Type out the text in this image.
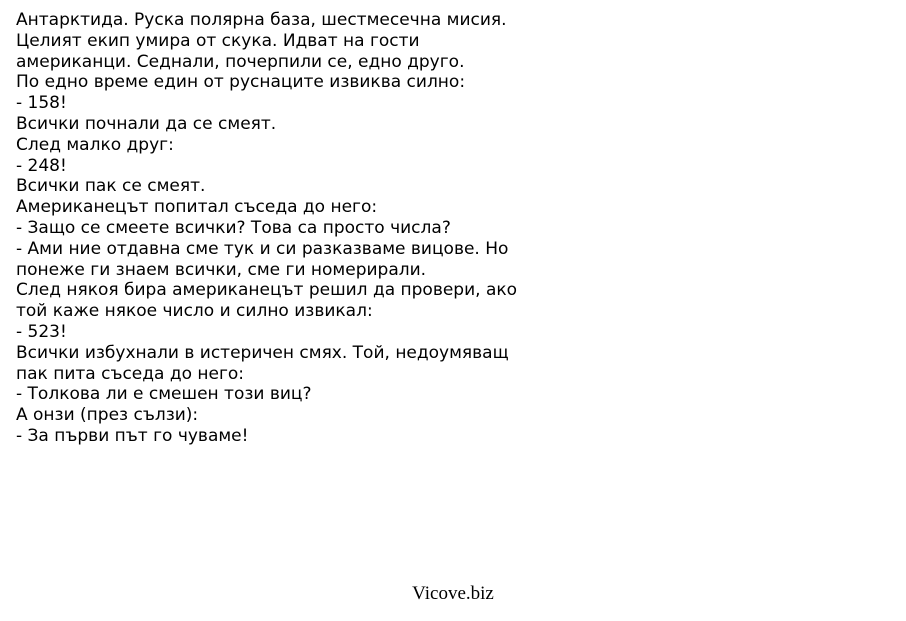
Антарктида. Руска полярна база, шестмесечна мисия.
Целият екип умира от скука. Идват на гости
американци. Седнали, почерпили се, едно друго.
По едно време един от руснаците извиква силно:
- 158!
Всички почнали да се смеят.
След малко друг:
- 248!
Всички пак се смеят.
Американецът попитал съседа до него:
- Защо се смеете всички? Това са просто числа?
- Ами ние отдавна сме тук и си разказваме вицове. Но
понеже ги знаем всички, сме ги номерирали.
След някоя бира американецът решил да провери, ако
той каже някое число и силно извикал:
- 523!
Всички избухнали в истеричен смях. Той, недоумяващ
пак пита съседа до него:
- Толкова ли е смешен този виц?
А онзи (през сълзи):
- За първи път го чуваме!
Vicove.biz
